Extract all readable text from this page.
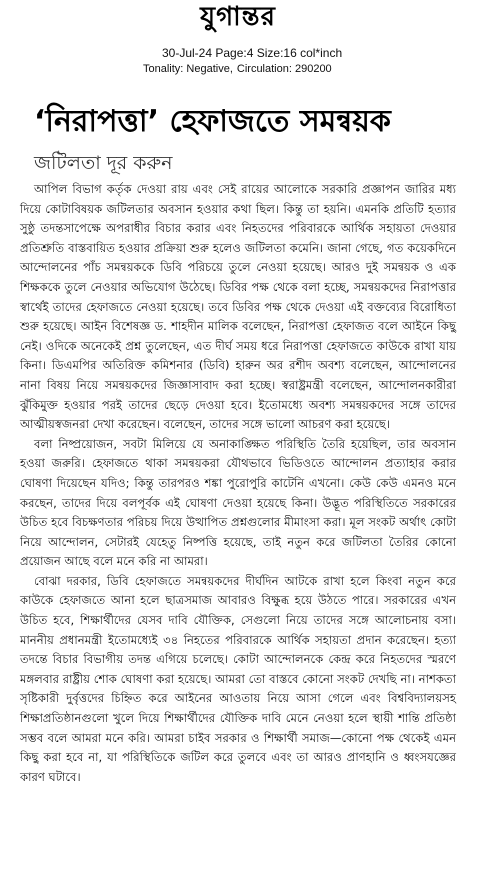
যুগান্তর
30-Jul-24 Page:4 Size:16 col*inch
Tonality: Negative, Circulation: 290200
‘নিরাপত্তা’ হেফাজতে সমন্বয়ক
জটিলতা দূর করুন

আপিল বিভাগ কর্তৃক দেওয়া রায় এবং সেই রায়ের আলোকে সরকারি প্রজ্ঞাপন জারির মধ্য দিয়ে কোটাবিষয়ক জটিলতার অবসান হওয়ার কথা ছিল। কিন্তু তা হয়নি। এমনকি প্রতিটি হত্যার সুষ্ঠু তদন্তসাপেক্ষে অপরাধীর বিচার করার এবং নিহতদের পরিবারকে আর্থিক সহায়তা দেওয়ার প্রতিশ্রুতি বাস্তবায়িত হওয়ার প্রক্রিয়া শুরু হলেও জটিলতা কমেনি। জানা গেছে, গত কয়েকদিনে আন্দোলনের পাঁচ সমন্বয়ককে ডিবি পরিচয়ে তুলে নেওয়া হয়েছে। আরও দুই সমন্বয়ক ও এক শিক্ষককে তুলে নেওয়ার অভিযোগ উঠেছে। ডিবির পক্ষ থেকে বলা হচ্ছে, সমন্বয়কদের নিরাপত্তার স্বার্থেই তাদের হেফাজতে নেওয়া হয়েছে। তবে ডিবির পক্ষ থেকে দেওয়া এই বক্তব্যের বিরোধিতা শুরু হয়েছে। আইন বিশেষজ্ঞ ড. শাহদীন মালিক বলেছেন, নিরাপত্তা হেফাজত বলে আইনে কিছু নেই। ওদিকে অনেকেই প্রশ্ন তুলেছেন, এত দীর্ঘ সময় ধরে নিরাপত্তা হেফাজতে কাউকে রাখা যায় কিনা। ডিএমপির অতিরিক্ত কমিশনার (ডিবি) হারুন অর রশীদ অবশ্য বলেছেন, আন্দোলনের নানা বিষয় নিয়ে সমন্বয়কদের জিজ্ঞাসাবাদ করা হচ্ছে। স্বরাষ্ট্রমন্ত্রী বলেছেন, আন্দোলনকারীরা ঝুঁকিমুক্ত হওয়ার পরই তাদের ছেড়ে দেওয়া হবে। ইতোমধ্যে অবশ্য সমন্বয়কদের সঙ্গে তাদের আত্মীয়স্বজনরা দেখা করেছেন। বলেছেন, তাদের সঙ্গে ভালো আচরণ করা হয়েছে।

বলা নিষ্প্রয়োজন, সবটা মিলিয়ে যে অনাকাঙ্ক্ষিত পরিস্থিতি তৈরি হয়েছিল, তার অবসান হওয়া জরুরি। হেফাজতে থাকা সমন্বয়করা যৌথভাবে ভিডিওতে আন্দোলন প্রত্যাহার করার ঘোষণা দিয়েছেন যদিও; কিন্তু তারপরও শঙ্কা পুরোপুরি কাটেনি এখনো। কেউ কেউ এমনও মনে করছেন, তাদের দিয়ে বলপূর্বক এই ঘোষণা দেওয়া হয়েছে কিনা। উদ্ভূত পরিস্থিতিতে সরকারের উচিত হবে বিচক্ষণতার পরিচয় দিয়ে উত্থাপিত প্রশ্নগুলোর মীমাংসা করা। মূল সংকট অর্থাৎ কোটা নিয়ে আন্দোলন, সেটারই যেহেতু নিষ্পত্তি হয়েছে, তাই নতুন করে জটিলতা তৈরির কোনো প্রয়োজন আছে বলে মনে করি না আমরা।

বোঝা দরকার, ডিবি হেফাজতে সমন্বয়কদের দীর্ঘদিন আটকে রাখা হলে কিংবা নতুন করে কাউকে হেফাজতে আনা হলে ছাত্রসমাজ আবারও বিক্ষুব্ধ হয়ে উঠতে পারে। সরকারের এখন উচিত হবে, শিক্ষার্থীদের যেসব দাবি যৌক্তিক, সেগুলো নিয়ে তাদের সঙ্গে আলোচনায় বসা। মাননীয় প্রধানমন্ত্রী ইতোমধ্যেই ৩৪ নিহতের পরিবারকে আর্থিক সহায়তা প্রদান করেছেন। হত্যা তদন্তে বিচার বিভাগীয় তদন্ত এগিয়ে চলেছে। কোটা আন্দোলনকে কেন্দ্র করে নিহতদের স্মরণে মঙ্গলবার রাষ্ট্রীয় শোক ঘোষণা করা হয়েছে। আমরা তো বাস্তবে কোনো সংকট দেখছি না। নাশকতা সৃষ্টিকারী দুর্বৃত্তদের চিহ্নিত করে আইনের আওতায় নিয়ে আসা গেলে এবং বিশ্ববিদ্যালয়সহ শিক্ষাপ্রতিষ্ঠানগুলো খুলে দিয়ে শিক্ষার্থীদের যৌক্তিক দাবি মেনে নেওয়া হলে স্থায়ী শান্তি প্রতিষ্ঠা সম্ভব বলে আমরা মনে করি। আমরা চাইব সরকার ও শিক্ষার্থী সমাজ—কোনো পক্ষ থেকেই এমন কিছু করা হবে না, যা পরিস্থিতিকে জটিল করে তুলবে এবং তা আরও প্রাণহানি ও ধ্বংসযজ্ঞের কারণ ঘটাবে।
